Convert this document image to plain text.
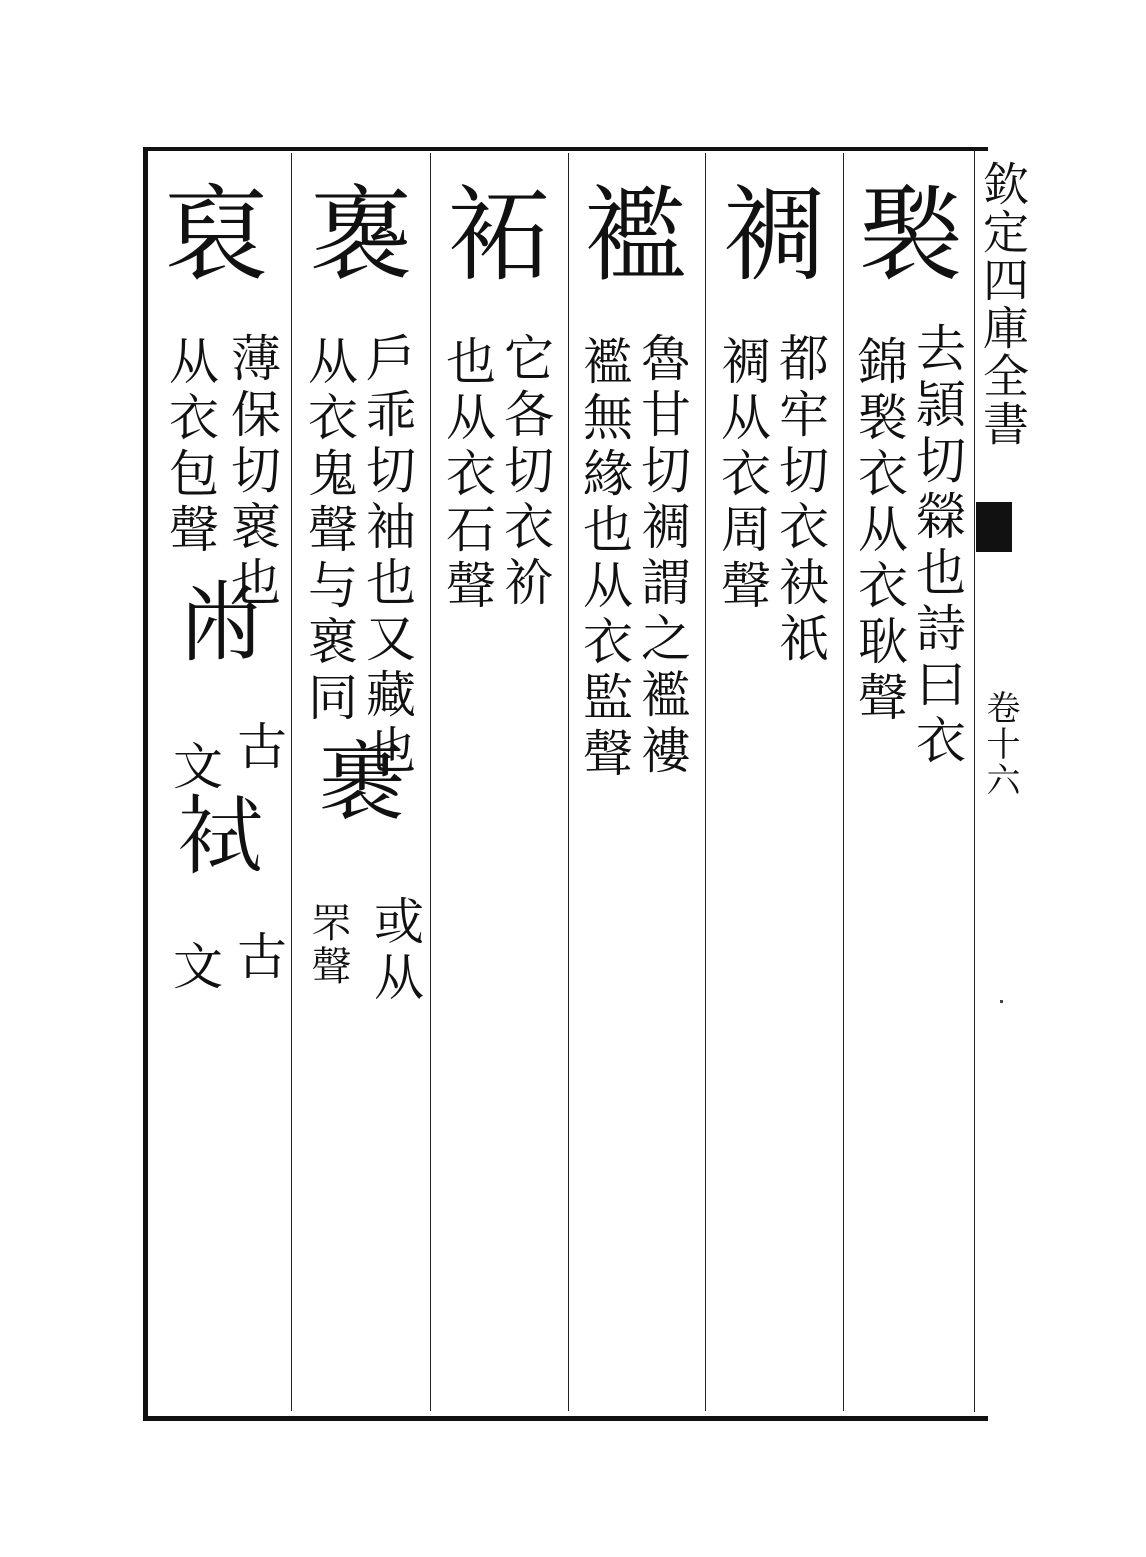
褧
去頴切檾也詩曰衣
錦褧衣从衣耿聲
裯
都牢切衣袂祇
裯从衣周聲
襤
魯甘切裯謂之襤褸
襤無緣也从衣監聲
袥
它各切衣衸
也从衣石聲
褢
戶乖切袖也又藏也
从衣鬼聲与褱同
裹
或从
罘聲
裒
薄保切褱也
从衣包聲
㡀
古
文
𧙢
古
文
欽定四庫全書
卷十六
